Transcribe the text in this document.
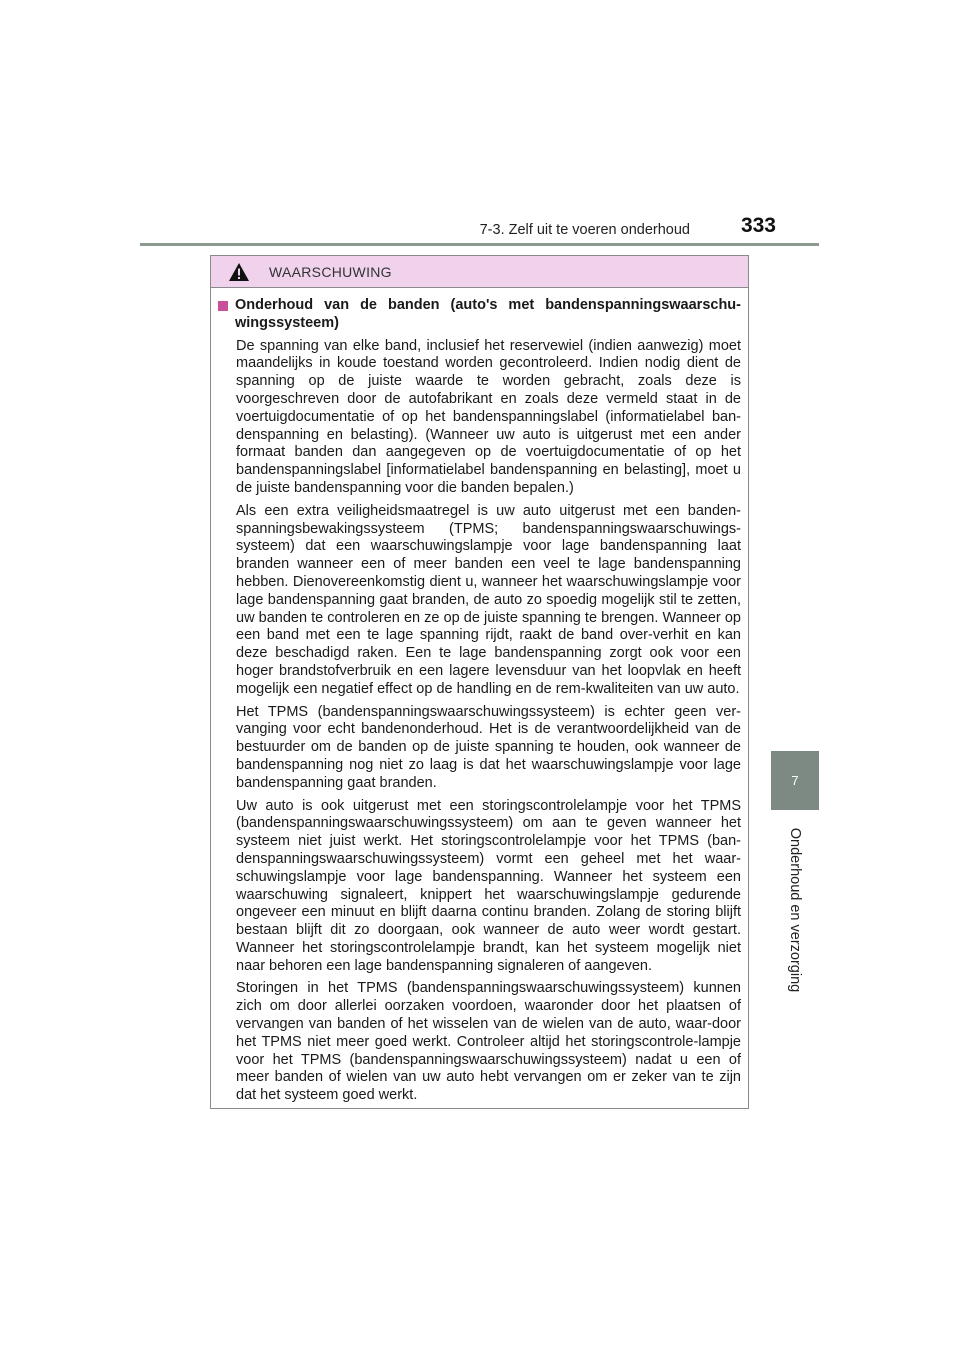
7-3. Zelf uit te voeren onderhoud 333
7
Onderhoud en verzorging
WAARSCHUWING
Onderhoud van de banden (auto's met bandenspanningswaarschu-wingssysteem)

De spanning van elke band, inclusief het reservewiel (indien aanwezig) moet maandelijks in koude toestand worden gecontroleerd. Indien nodig dient de spanning op de juiste waarde te worden gebracht, zoals deze is voorgeschreven door de autofabrikant en zoals deze vermeld staat in de voertuigdocumentatie of op het bandenspanningslabel (informatielabel ban-denspanning en belasting). (Wanneer uw auto is uitgerust met een ander formaat banden dan aangegeven op de voertuigdocumentatie of op het bandenspanningslabel [informatielabel bandenspanning en belasting], moet u de juiste bandenspanning voor die banden bepalen.)

Als een extra veiligheidsmaatregel is uw auto uitgerust met een banden-spanningsbewakingssysteem (TPMS; bandenspanningswaarschuwings-systeem) dat een waarschuwingslampje voor lage bandenspanning laat branden wanneer een of meer banden een veel te lage bandenspanning hebben. Dienovereenkomstig dient u, wanneer het waarschuwingslampje voor lage bandenspanning gaat branden, de auto zo spoedig mogelijk stil te zetten, uw banden te controleren en ze op de juiste spanning te brengen. Wanneer op een band met een te lage spanning rijdt, raakt de band over-verhit en kan deze beschadigd raken. Een te lage bandenspanning zorgt ook voor een hoger brandstofverbruik en een lagere levensduur van het loopvlak en heeft mogelijk een negatief effect op de handling en de rem-kwaliteiten van uw auto.

Het TPMS (bandenspanningswaarschuwingssysteem) is echter geen ver-vanging voor echt bandenonderhoud. Het is de verantwoordelijkheid van de bestuurder om de banden op de juiste spanning te houden, ook wanneer de bandenspanning nog niet zo laag is dat het waarschuwingslampje voor lage bandenspanning gaat branden.

Uw auto is ook uitgerust met een storingscontrolelampje voor het TPMS (bandenspanningswaarschuwingssysteem) om aan te geven wanneer het systeem niet juist werkt. Het storingscontrolelampje voor het TPMS (ban-denspanningswaarschuwingssysteem) vormt een geheel met het waar-schuwingslampje voor lage bandenspanning. Wanneer het systeem een waarschuwing signaleert, knippert het waarschuwingslampje gedurende ongeveer een minuut en blijft daarna continu branden. Zolang de storing blijft bestaan blijft dit zo doorgaan, ook wanneer de auto weer wordt gestart. Wanneer het storingscontrolelampje brandt, kan het systeem mogelijk niet naar behoren een lage bandenspanning signaleren of aangeven.

Storingen in het TPMS (bandenspanningswaarschuwingssysteem) kunnen zich om door allerlei oorzaken voordoen, waaronder door het plaatsen of vervangen van banden of het wisselen van de wielen van de auto, waar-door het TPMS niet meer goed werkt. Controleer altijd het storingscontrole-lampje voor het TPMS (bandenspanningswaarschuwingssysteem) nadat u een of meer banden of wielen van uw auto hebt vervangen om er zeker van te zijn dat het systeem goed werkt.
